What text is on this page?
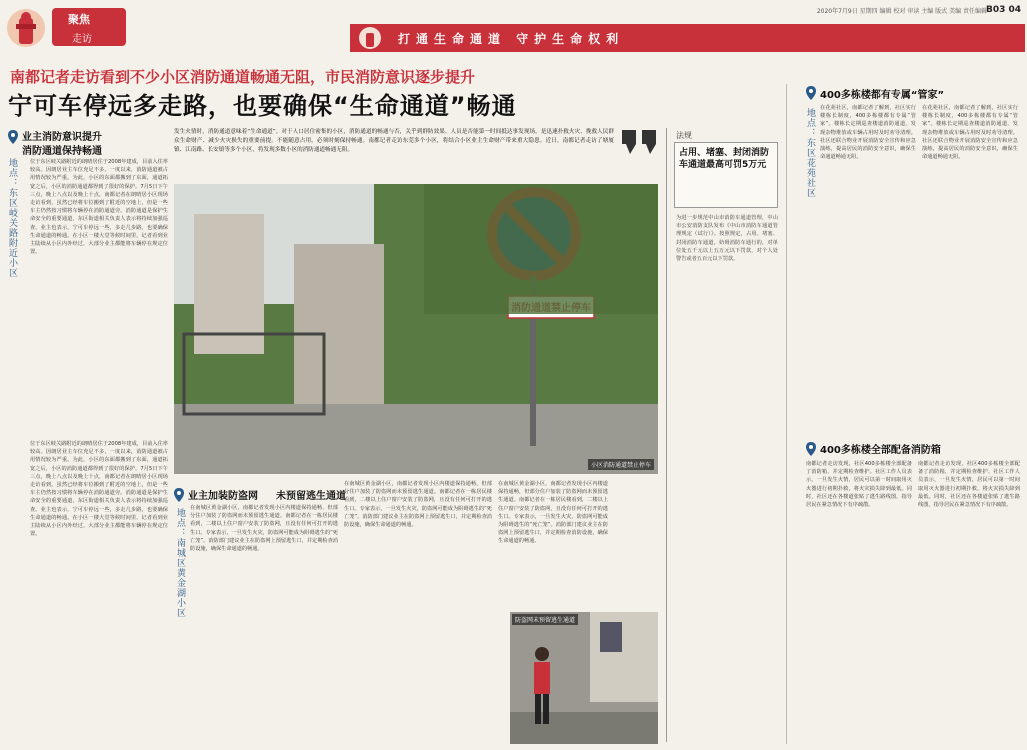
聚焦
走访	打通生命通道 守护生命权利
2020年7月9日 星期四 编辑 校对 审读 主编 版式 美编 责任编辑
B03 04
南都记者走访看到不少小区消防通道畅通无阻，市民消防意识逐步提升
宁可车停远多走路，也要确保“生命通道”畅通
发生火情时，消防通道意味着“生命通道”。对于人口居住密集的小区，消防通道的畅通与否，关乎到群防效果。人员是否能第一时间抵达事发现场，是迅速扑救火灾、挽救人民群众生命财产、减少火灾损失的重要前提。不能随意占用，必须时刻保持畅通。南都记者走访东莞多个小区，将结合小区业主生命财产带来重大隐患。近日，南都记者走访了塘厦镇、江南路、长安镇等多个小区，将发现多数小区的消防通道畅通无阻。
业主消防意识提升
消防通道保持畅通
地点：东区岐关路附近小区	位于东区岐关路附近的朗晴居住于2008年建成，目前入住率较高。因朗居业主车位充足不多，一度以来，消防通道被占用情况较为严重。为此，小区的东面都搬到了东面，通道拓宽之后，小区的消防通道都得到了很好的保护。7月5日下午三点，晚上八点以及晚上十点，南都记者在朗晴居小区现场走访看到，虽然已经将车位搬到了附近的空地上，但是一些车主仍然按习惯将车辆停在消防通道旁。消防通道是保护生命安全的重要通道，东区街道相关负责人表示将持续加强巡查。业主也表示，宁可车停远一些，多走几步路，也要确保生命通道的畅通。在小区一楼大堂等候时间里，记者看到业主陆续从小区内外经过，大部分业主都能将车辆停在规定位置。
位于东区岐关路附近的朗晴居住于2008年建成，目前入住率较高。因朗居业主车位充足不多，一度以来，消防通道被占用情况较为严重。为此，小区的东面都搬到了东面，通道拓宽之后，小区的消防通道都得到了很好的保护。7月5日下午三点，晚上八点以及晚上十点，南都记者在朗晴居小区现场走访看到，虽然已经将车位搬到了附近的空地上，但是一些车主仍然按习惯将车辆停在消防通道旁。消防通道是保护生命安全的重要通道，东区街道相关负责人表示将持续加强巡查。业主也表示，宁可车停远一些，多走几步路，也要确保生命通道的畅通。在小区一楼大堂等候时间里，记者看到业主陆续从小区内外经过，大部分业主都能将车辆停在规定位置。
小区消防通道禁止停车
业主加装防盗网 未预留逃生通道
地点：南城区黄金湖小区 在南城区黄金湖小区，南都记者发现小区内楼道保持通畅，但部分住户加装了防盗网而未预留逃生通道。南都记者在一栋居民楼看到，二楼以上住户窗户安装了防盗网，且没有任何可打开的逃生口。专家表示，一旦发生火灾，防盗网可能成为阻碍逃生的“死亡笼”。消防部门建议业主在防盗网上预留逃生口，并定期检查消防设施，确保生命通道的畅通。
在南城区黄金湖小区，南都记者发现小区内楼道保持通畅，但部分住户加装了防盗网而未预留逃生通道。南都记者在一栋居民楼看到，二楼以上住户窗户安装了防盗网，且没有任何可打开的逃生口。专家表示，一旦发生火灾，防盗网可能成为阻碍逃生的“死亡笼”。消防部门建议业主在防盗网上预留逃生口，并定期检查消防设施，确保生命通道的畅通。
在南城区黄金湖小区，南都记者发现小区内楼道保持通畅，但部分住户加装了防盗网而未预留逃生通道。南都记者在一栋居民楼看到，二楼以上住户窗户安装了防盗网，且没有任何可打开的逃生口。专家表示，一旦发生火灾，防盗网可能成为阻碍逃生的“死亡笼”。消防部门建议业主在防盗网上预留逃生口，并定期检查消防设施，确保生命通道的畅通。
防盗网未预留逃生通道
法规
占用、堵塞、封闭消防车通道最高可罚5万元
为进一步规范中山市消防车通道管理，中山市公安消防支队发布《中山市消防车通道管理规定（试行）》。按照规定，占用、堵塞、封闭消防车通道，妨碍消防车通行的，对单位处五千元以上五万元以下罚款，对个人处警告或者五百元以下罚款。
400多栋楼都有专属“管家”
地点：东区花苑社区 在花苑社区，南都记者了解到，社区实行楼栋长制度，400多栋楼都有专属“管家”。楼栋长定期巡查楼道消防通道，发现杂物堆放或车辆占用时及时劝导清理。社区还联合物业开展消防安全宣传和应急演练，提高居民的消防安全意识，确保生命通道畅通无阻。
在花苑社区，南都记者了解到，社区实行楼栋长制度，400多栋楼都有专属“管家”。楼栋长定期巡查楼道消防通道，发现杂物堆放或车辆占用时及时劝导清理。社区还联合物业开展消防安全宣传和应急演练，提高居民的消防安全意识，确保生命通道畅通无阻。
400多栋楼全部配备消防箱
南都记者走访发现，社区400多栋楼全部配备了消防箱，并定期检查维护。社区工作人员表示，一旦发生火情，居民可以第一时间取用灭火器进行初期扑救，将火灾损失降到最低。同时，社区还在各楼道张贴了逃生路线图，指导居民在紧急情况下有序疏散。
南都记者走访发现，社区400多栋楼全部配备了消防箱，并定期检查维护。社区工作人员表示，一旦发生火情，居民可以第一时间取用灭火器进行初期扑救，将火灾损失降到最低。同时，社区还在各楼道张贴了逃生路线图，指导居民在紧急情况下有序疏散。
